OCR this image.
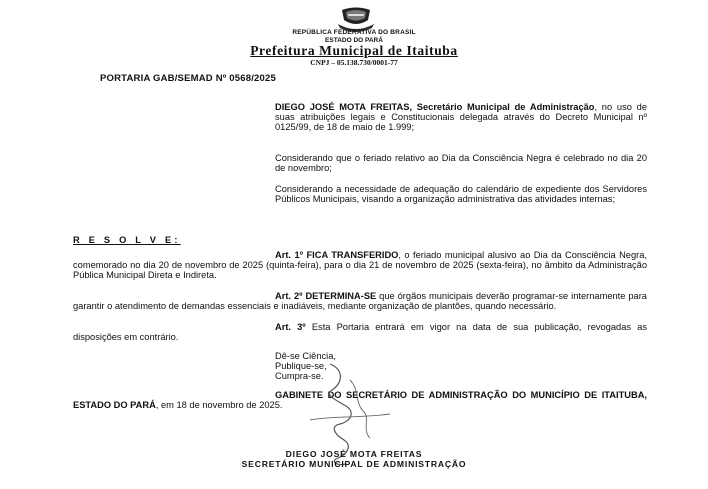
REPÚBLICA FEDERATIVA DO BRASIL
ESTADO DO PARÁ
Prefeitura Municipal de Itaituba
CNPJ – 05.138.730/0001-77
PORTARIA GAB/SEMAD Nº 0568/2025

DIEGO JOSÉ MOTA FREITAS, Secretário Municipal de Administração, no uso de suas atribuições legais e Constitucionais delegada através do Decreto Municipal nº 0125/99, de 18 de maio de 1.999;

Considerando que o feriado relativo ao Dia da Consciência Negra é celebrado no dia 20 de novembro;

Considerando a necessidade de adequação do calendário de expediente dos Servidores Públicos Municipais, visando a organização administrativa das atividades internas;

R E S O L V E:

Art. 1º FICA TRANSFERIDO, o feriado municipal alusivo ao Dia da Consciência Negra, comemorado no dia 20 de novembro de 2025 (quinta-feira), para o dia 21 de novembro de 2025 (sexta-feira), no âmbito da Administração Pública Municipal Direta e Indireta.

Art. 2º DETERMINA-SE que órgãos municipais deverão programar-se internamente para garantir o atendimento de demandas essenciais e inadiáveis, mediante organização de plantões, quando necessário.

Art. 3º Esta Portaria entrará em vigor na data de sua publicação, revogadas as disposições em contrário.

Dê-se Ciência,
Publique-se,
Cumpra-se.

GABINETE DO SECRETÁRIO DE ADMINISTRAÇÃO DO MUNICÍPIO DE ITAITUBA, ESTADO DO PARÁ, em 18 de novembro de 2025.

DIEGO JOSÉ MOTA FREITAS
SECRETÁRIO MUNICIPAL DE ADMINISTRAÇÃO
